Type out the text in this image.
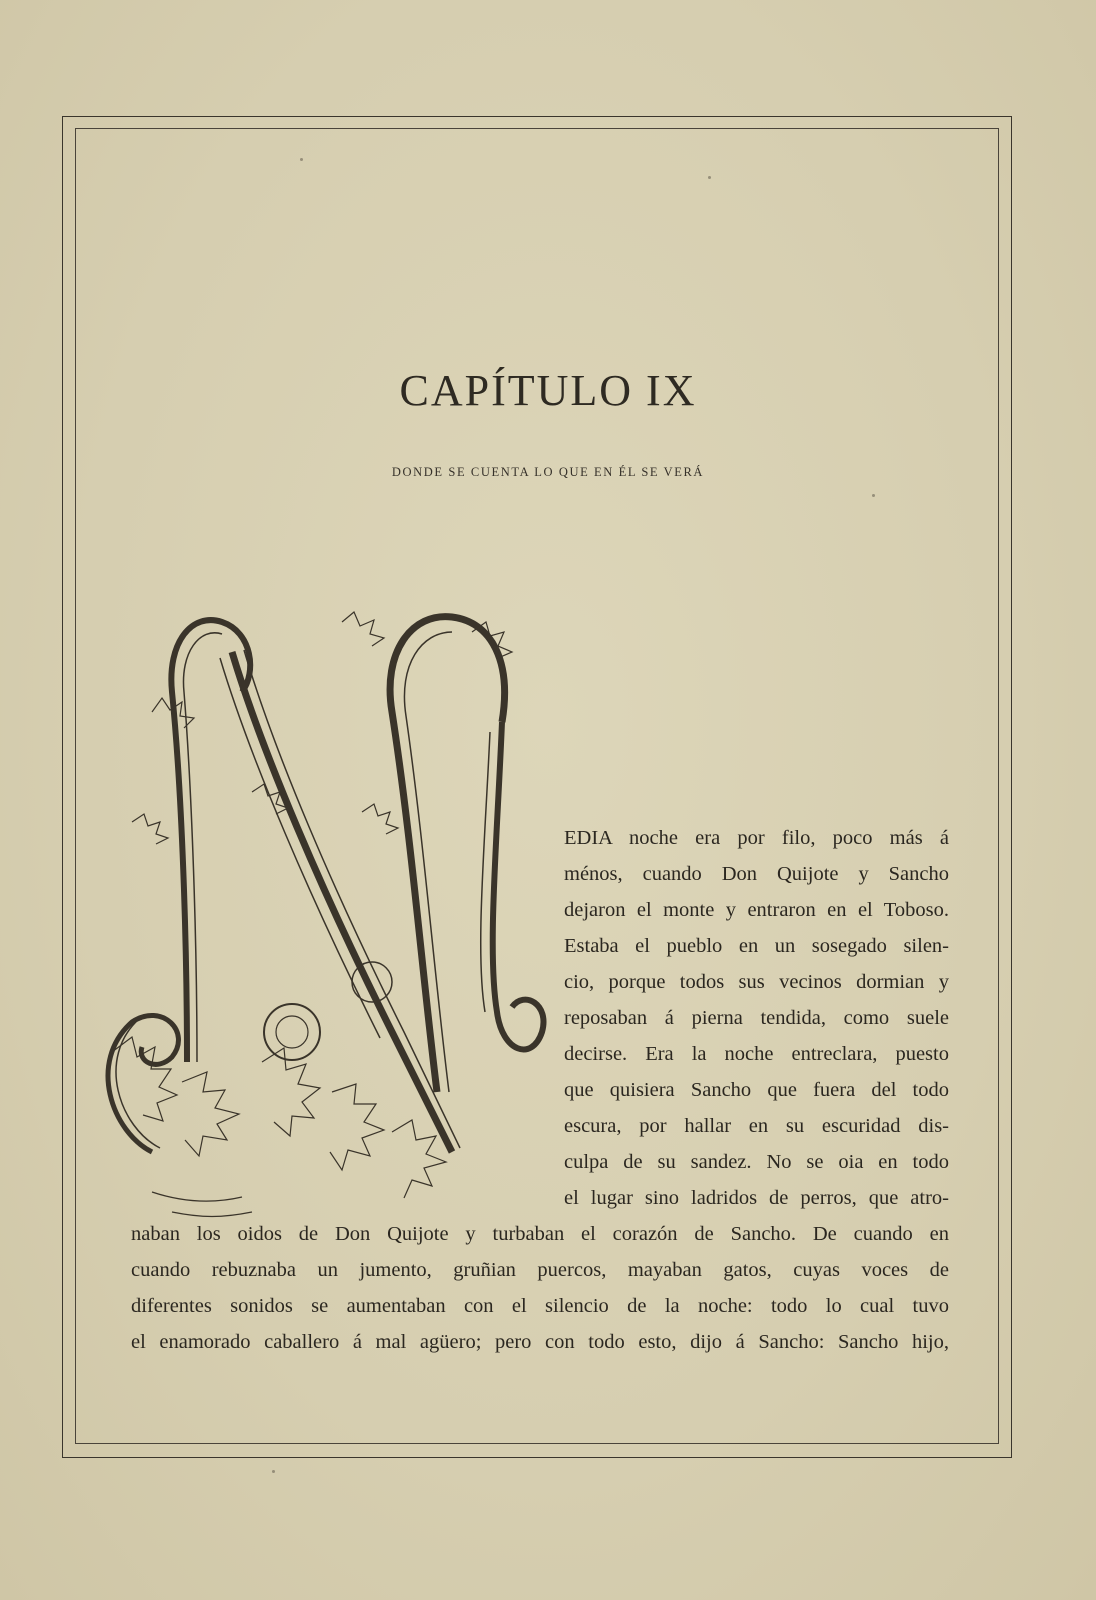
CAPÍTULO IX
DONDE SE CUENTA LO QUE EN ÉL SE VERÁ
EDIA noche era por filo, poco más á
ménos, cuando Don Quijote y Sancho
dejaron el monte y entraron en el Toboso.
Estaba el pueblo en un sosegado silen-
cio, porque todos sus vecinos dormian y
reposaban á pierna tendida, como suele
decirse. Era la noche entreclara, puesto
que quisiera Sancho que fuera del todo
escura, por hallar en su escuridad dis-
culpa de su sandez. No se oia en todo
el lugar sino ladridos de perros, que atro-
naban los oidos de Don Quijote y turbaban el corazón de Sancho. De cuando en
cuando rebuznaba un jumento, gruñian puercos, mayaban gatos, cuyas voces de
diferentes sonidos se aumentaban con el silencio de la noche: todo lo cual tuvo
el enamorado caballero á mal agüero; pero con todo esto, dijo á Sancho: Sancho hijo,
